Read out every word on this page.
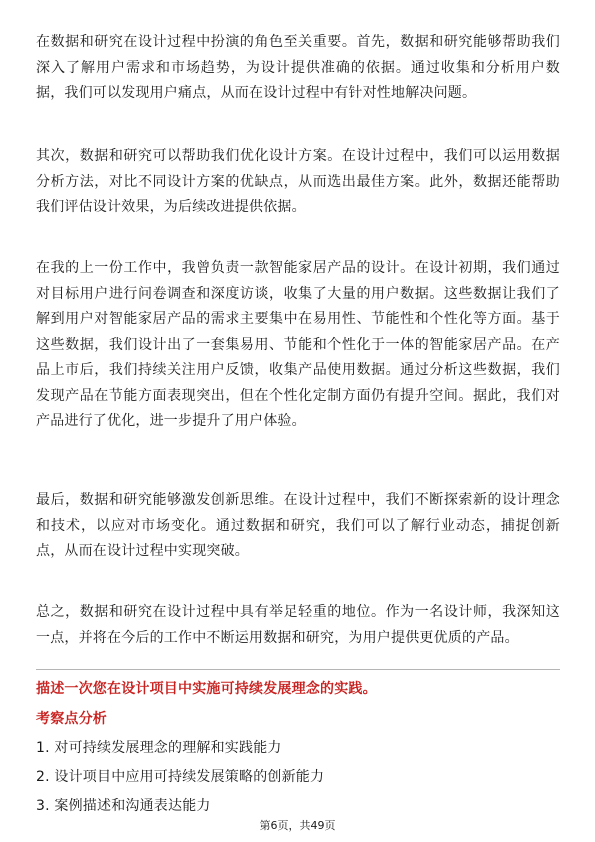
在数据和研究在设计过程中扮演的角色至关重要。首先，数据和研究能够帮助我们深入了解用户需求和市场趋势，为设计提供准确的依据。通过收集和分析用户数据，我们可以发现用户痛点，从而在设计过程中有针对性地解决问题。

其次，数据和研究可以帮助我们优化设计方案。在设计过程中，我们可以运用数据分析方法，对比不同设计方案的优缺点，从而选出最佳方案。此外，数据还能帮助我们评估设计效果，为后续改进提供依据。

在我的上一份工作中，我曾负责一款智能家居产品的设计。在设计初期，我们通过对目标用户进行问卷调查和深度访谈，收集了大量的用户数据。这些数据让我们了解到用户对智能家居产品的需求主要集中在易用性、节能性和个性化等方面。基于这些数据，我们设计出了一套集易用、节能和个性化于一体的智能家居产品。在产品上市后，我们持续关注用户反馈，收集产品使用数据。通过分析这些数据，我们发现产品在节能方面表现突出，但在个性化定制方面仍有提升空间。据此，我们对产品进行了优化，进一步提升了用户体验。

最后，数据和研究能够激发创新思维。在设计过程中，我们不断探索新的设计理念和技术，以应对市场变化。通过数据和研究，我们可以了解行业动态，捕捉创新点，从而在设计过程中实现突破。

总之，数据和研究在设计过程中具有举足轻重的地位。作为一名设计师，我深知这一点，并将在今后的工作中不断运用数据和研究，为用户提供更优质的产品。

描述一次您在设计项目中实施可持续发展理念的实践。

考察点分析

1. 对可持续发展理念的理解和实践能力

2. 设计项目中应用可持续发展策略的创新能力

3. 案例描述和沟通表达能力

第6页，共49页
